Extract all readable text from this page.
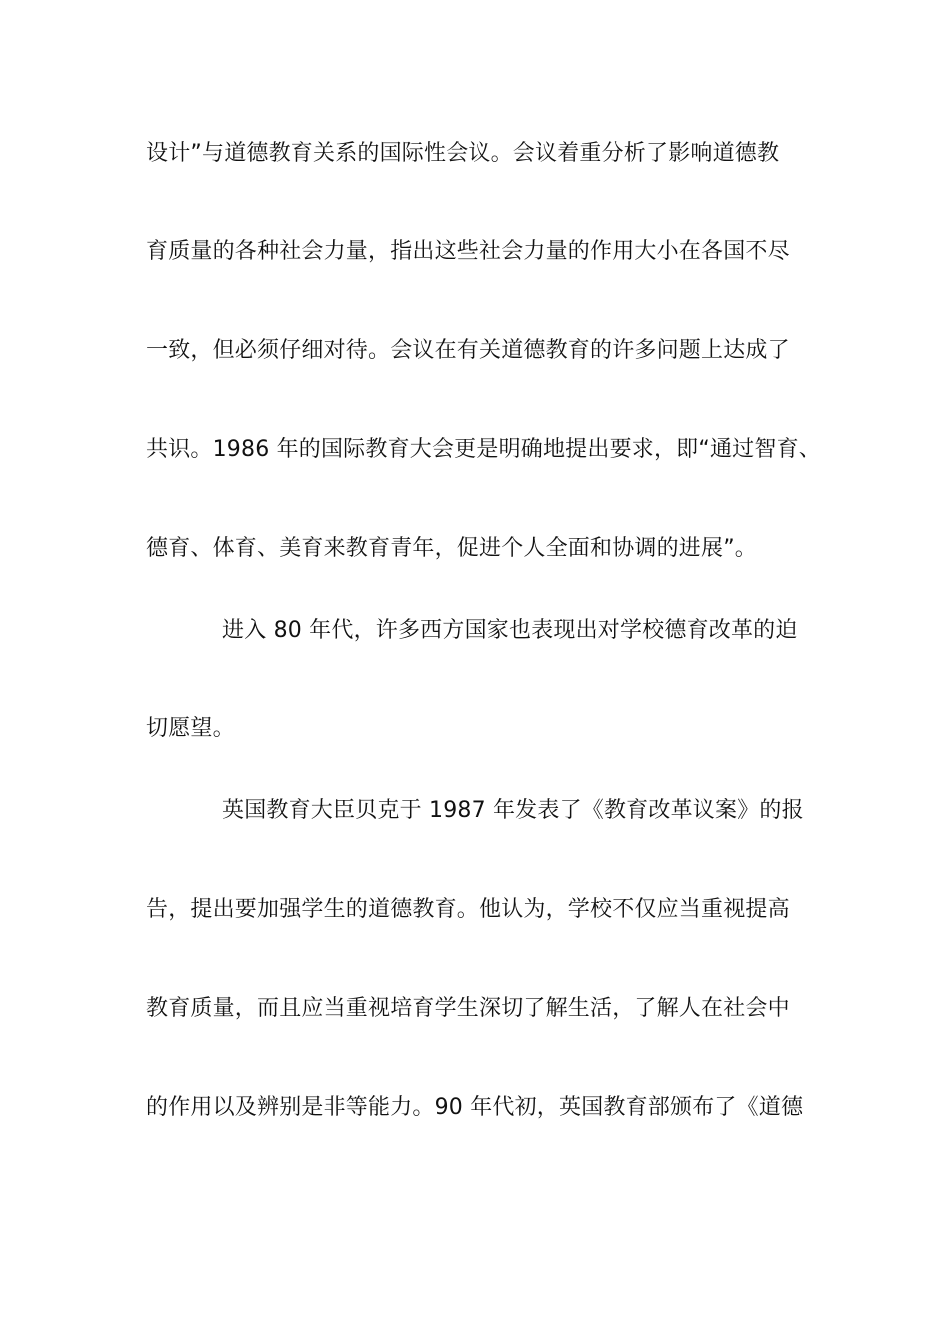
设计”与道德教育关系的国际性会议。会议着重分析了影响道德教
育质量的各种社会力量，指出这些社会力量的作用大小在各国不尽
一致，但必须仔细对待。会议在有关道德教育的许多问题上达成了
共识。1986 年的国际教育大会更是明确地提出要求，即“通过智育、
德育、体育、美育来教育青年，促进个人全面和协调的进展”。
进入 80 年代，许多西方国家也表现出对学校德育改革的迫
切愿望。
英国教育大臣贝克于 1987 年发表了《教育改革议案》的报
告，提出要加强学生的道德教育。他认为，学校不仅应当重视提高
教育质量，而且应当重视培育学生深切了解生活，了解人在社会中
的作用以及辨别是非等能力。90 年代初，英国教育部颁布了《道德
